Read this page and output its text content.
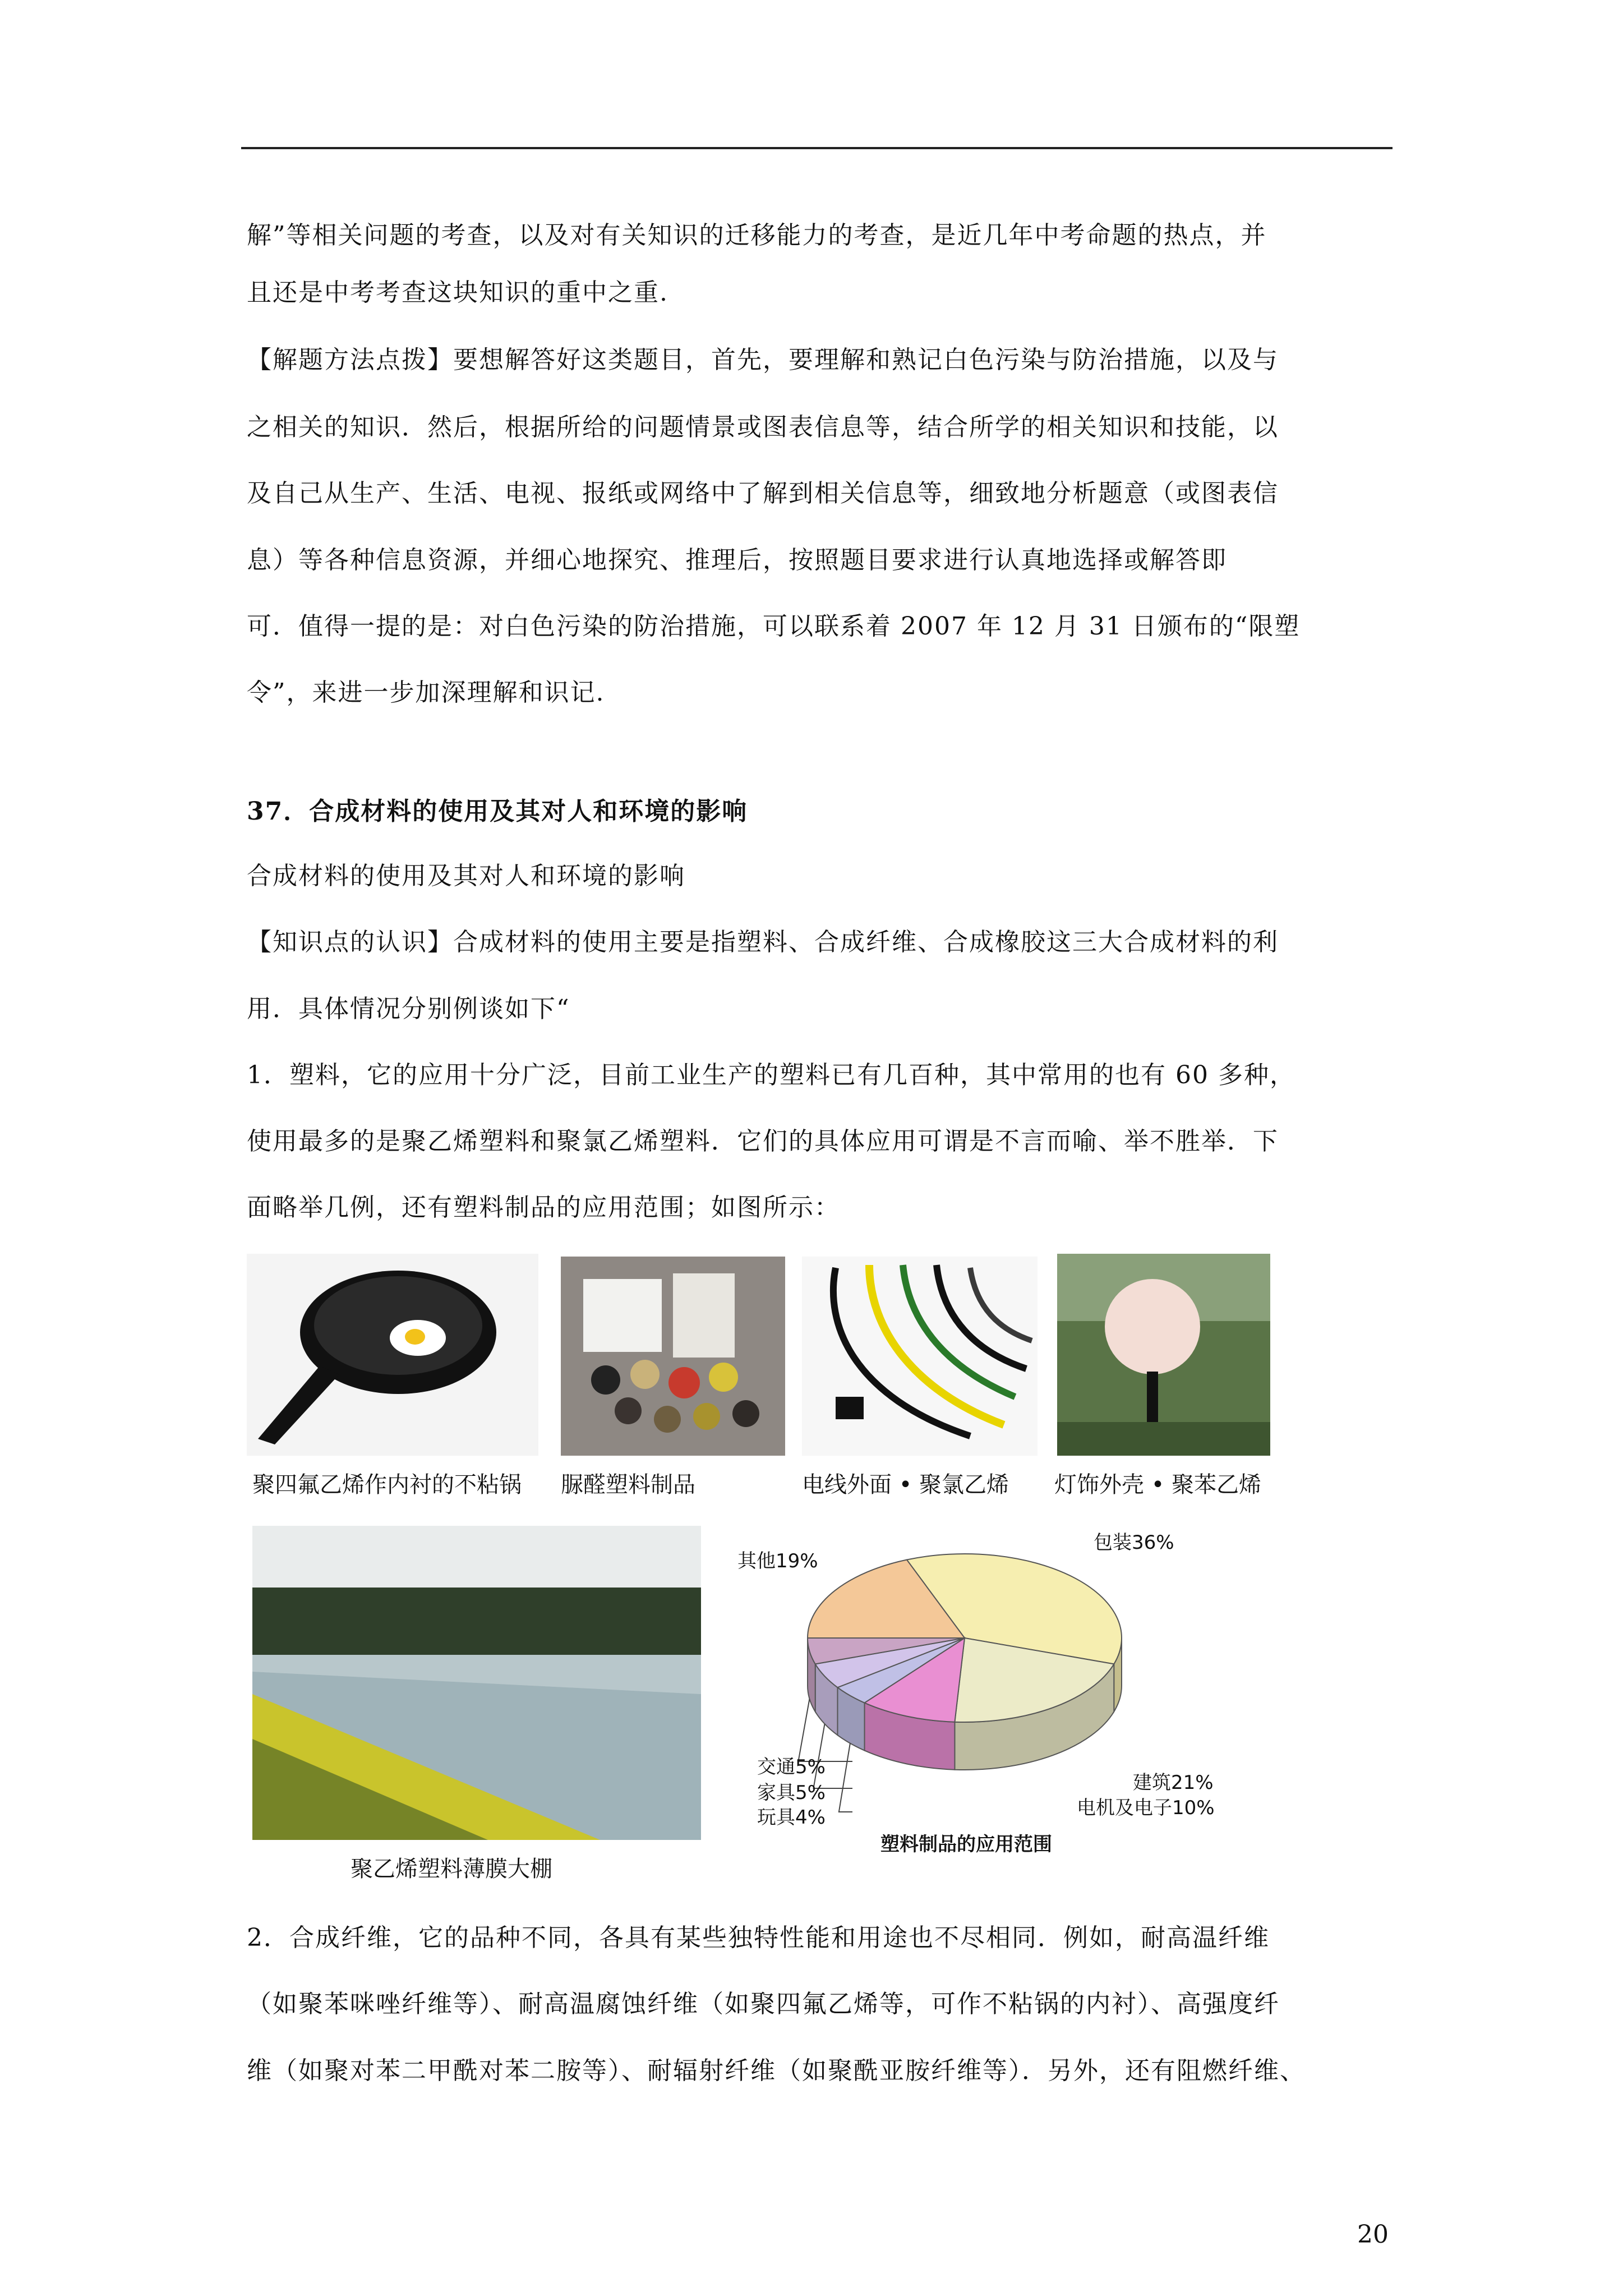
解”等相关问题的考查，以及对有关知识的迁移能力的考查，是近几年中考命题的热点，并
且还是中考考查这块知识的重中之重.
【解题方法点拨】要想解答好这类题目，首先，要理解和熟记白色污染与防治措施，以及与
之相关的知识．然后，根据所给的问题情景或图表信息等，结合所学的相关知识和技能，以
及自己从生产、生活、电视、报纸或网络中了解到相关信息等，细致地分析题意（或图表信
息）等各种信息资源，并细心地探究、推理后，按照题目要求进行认真地选择或解答即
可．值得一提的是：对白色污染的防治措施，可以联系着 2007 年 12 月 31 日颁布的“限塑
令”，来进一步加深理解和识记.
37．合成材料的使用及其对人和环境的影响
合成材料的使用及其对人和环境的影响
【知识点的认识】合成材料的使用主要是指塑料、合成纤维、合成橡胶这三大合成材料的利
用．具体情况分别例谈如下“
1．塑料，它的应用十分广泛，目前工业生产的塑料已有几百种，其中常用的也有 60 多种，
使用最多的是聚乙烯塑料和聚氯乙烯塑料．它们的具体应用可谓是不言而喻、举不胜举．下
面略举几例，还有塑料制品的应用范围；如图所示：
聚四氟乙烯作内衬的不粘锅 脲醛塑料制品	电线外面 • 聚氯乙烯 灯饰外壳 • 聚苯乙烯
聚乙烯塑料薄膜大棚
包装36%
建筑21%
电机及电子10%
玩具4%
家具5%
交通5%
其他19%
塑料制品的应用范围
2．合成纤维，它的品种不同，各具有某些独特性能和用途也不尽相同．例如，耐高温纤维
（如聚苯咪唑纤维等）、耐高温腐蚀纤维（如聚四氟乙烯等，可作不粘锅的内衬）、高强度纤
维（如聚对苯二甲酰对苯二胺等）、耐辐射纤维（如聚酰亚胺纤维等）．另外，还有阻燃纤维、
20
